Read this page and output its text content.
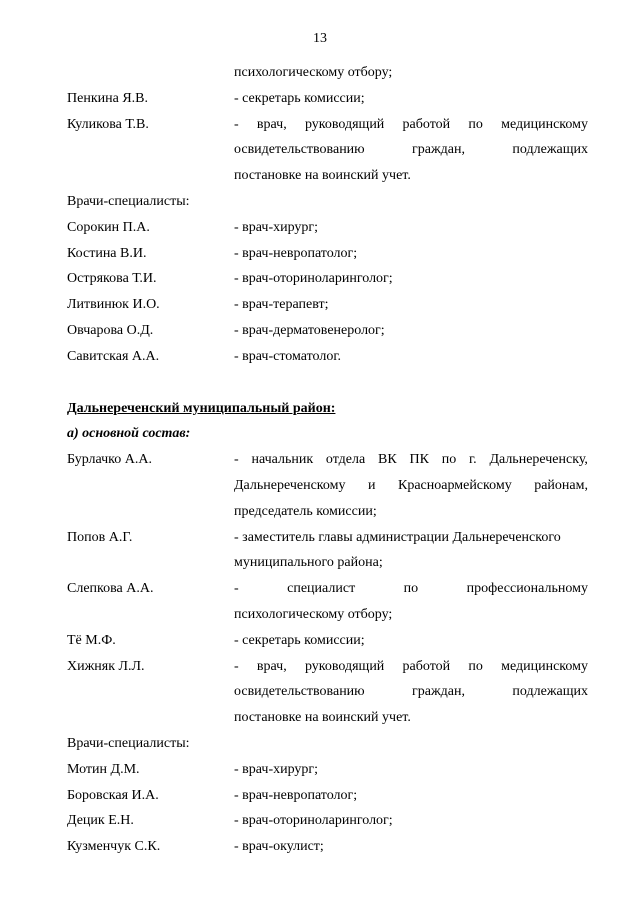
13
психологическому отбору;
Пенкина Я.В.	- секретарь комиссии;
Куликова Т.В.	- врач, руководящий работой по медицинскому
освидетельствованию	граждан,	подлежащих
постановке на воинский учет.
Врачи-специалисты:
Сорокин П.А.	- врач-хирург;
Костина В.И.	- врач-невропатолог;
Острякова Т.И.	- врач-оториноларинголог;
Литвинюк И.О.	- врач-терапевт;
Овчарова О.Д.	- врач-дерматовенеролог;
Савитская А.А.	- врач-стоматолог.
Дальнереченский муниципальный район:
а) основной состав:
Бурлачко А.А.	- начальник отдела ВК ПК по г. Дальнереченску,
Дальнереченскому и Красноармейскому районам,
председатель комиссии;
Попов А.Г.	- заместитель главы администрации Дальнереченского
муниципального района;
Слепкова А.А.	-	специалист	по	профессиональному
психологическому отбору;
Тё М.Ф.	- секретарь комиссии;
Хижняк Л.Л.	- врач, руководящий работой по медицинскому
освидетельствованию	граждан,	подлежащих
постановке на воинский учет.
Врачи-специалисты:
Мотин Д.М.	- врач-хирург;
Боровская И.А.	- врач-невропатолог;
Децик Е.Н.	- врач-оториноларинголог;
Кузменчук С.К.	- врач-окулист;
